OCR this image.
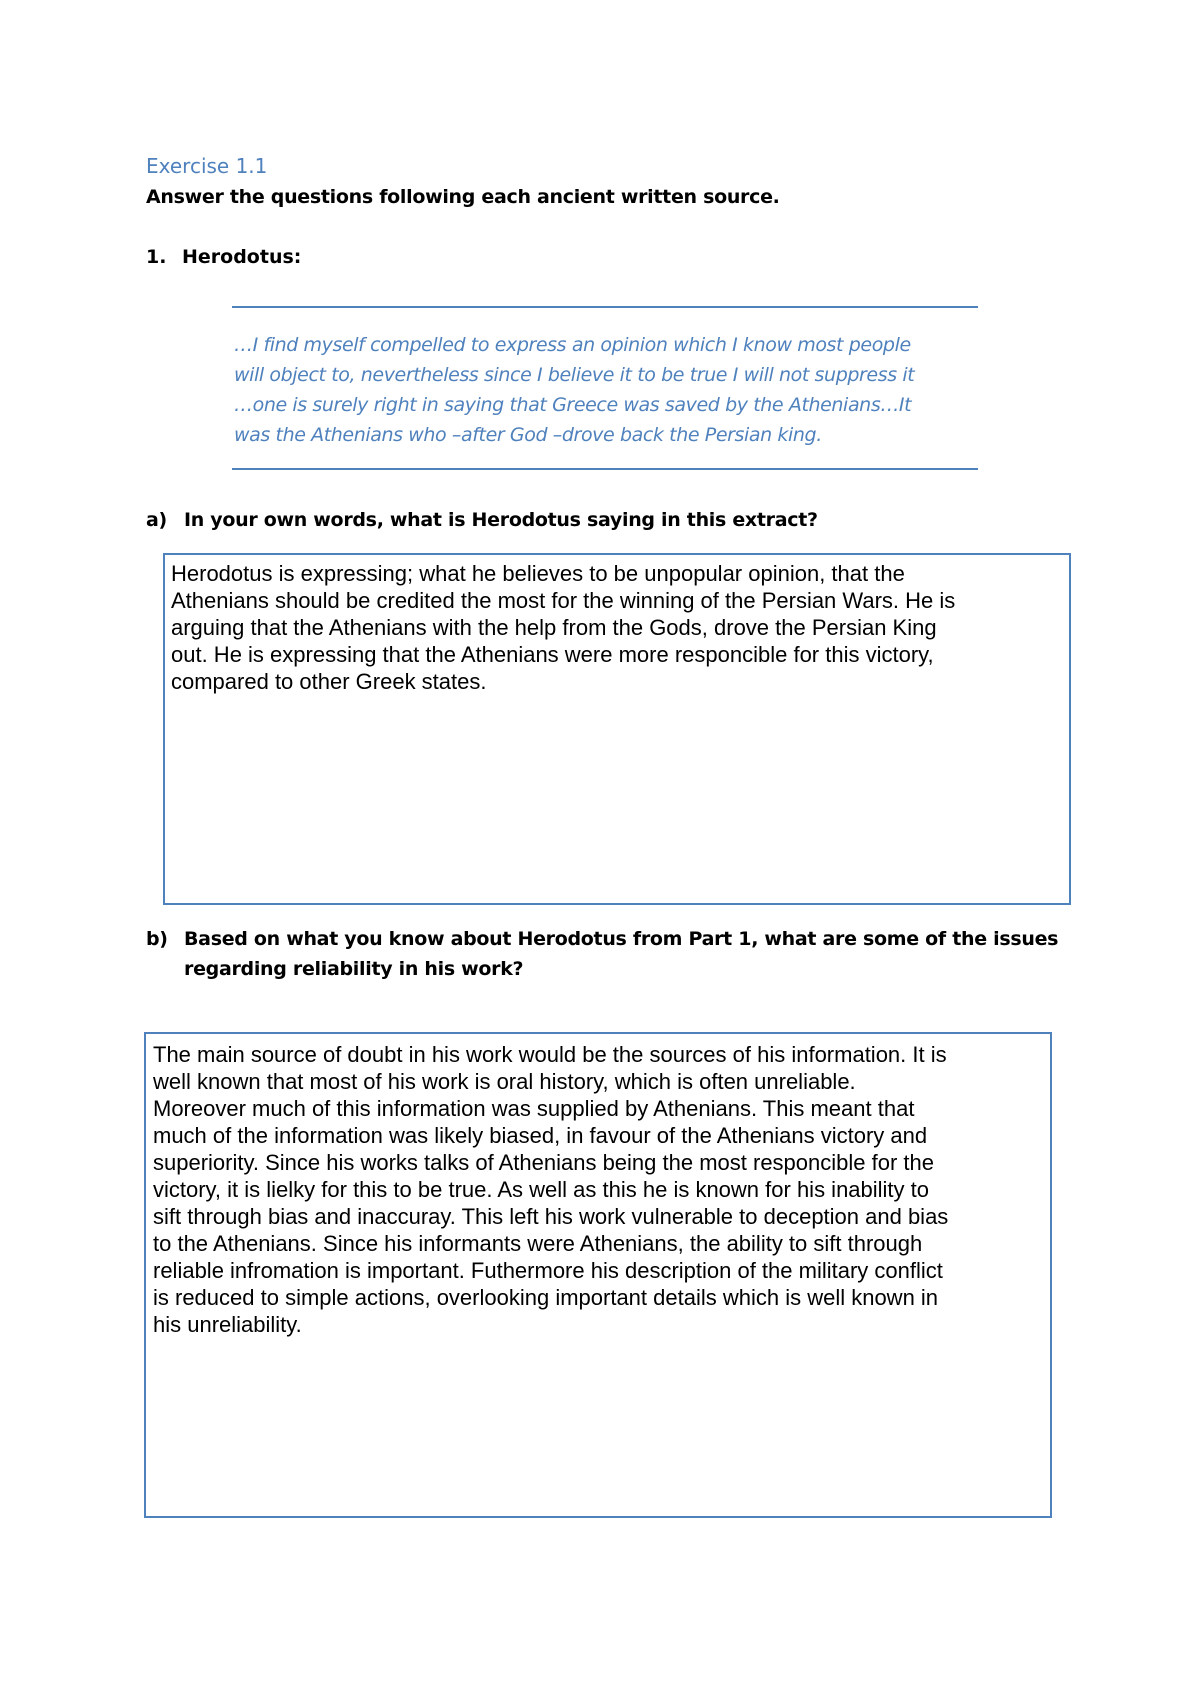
Exercise 1.1
Answer the questions following each ancient written source.
1. Herodotus:
…I find myself compelled to express an opinion which I know most people
will object to, nevertheless since I believe it to be true I will not suppress it
…one is surely right in saying that Greece was saved by the Athenians…It
was the Athenians who –after God –drove back the Persian king.
a) In your own words, what is Herodotus saying in this extract?
Herodotus is expressing; what he believes to be unpopular opinion, that the
Athenians should be credited the most for the winning of the Persian Wars. He is
arguing that the Athenians with the help from the Gods, drove the Persian King
out. He is expressing that the Athenians were more responcible for this victory,
compared to other Greek states.
b) Based on what you know about Herodotus from Part 1, what are some of the issues
regarding reliability in his work?
The main source of doubt in his work would be the sources of his information. It is
well known that most of his work is oral history, which is often unreliable.
Moreover much of this information was supplied by Athenians. This meant that
much of the information was likely biased, in favour of the Athenians victory and
superiority. Since his works talks of Athenians being the most responcible for the
victory, it is lielky for this to be true. As well as this he is known for his inability to
sift through bias and inaccuray. This left his work vulnerable to deception and bias
to the Athenians. Since his informants were Athenians, the ability to sift through
reliable infromation is important. Futhermore his description of the military conflict
is reduced to simple actions, overlooking important details which is well known in
his unreliability.
